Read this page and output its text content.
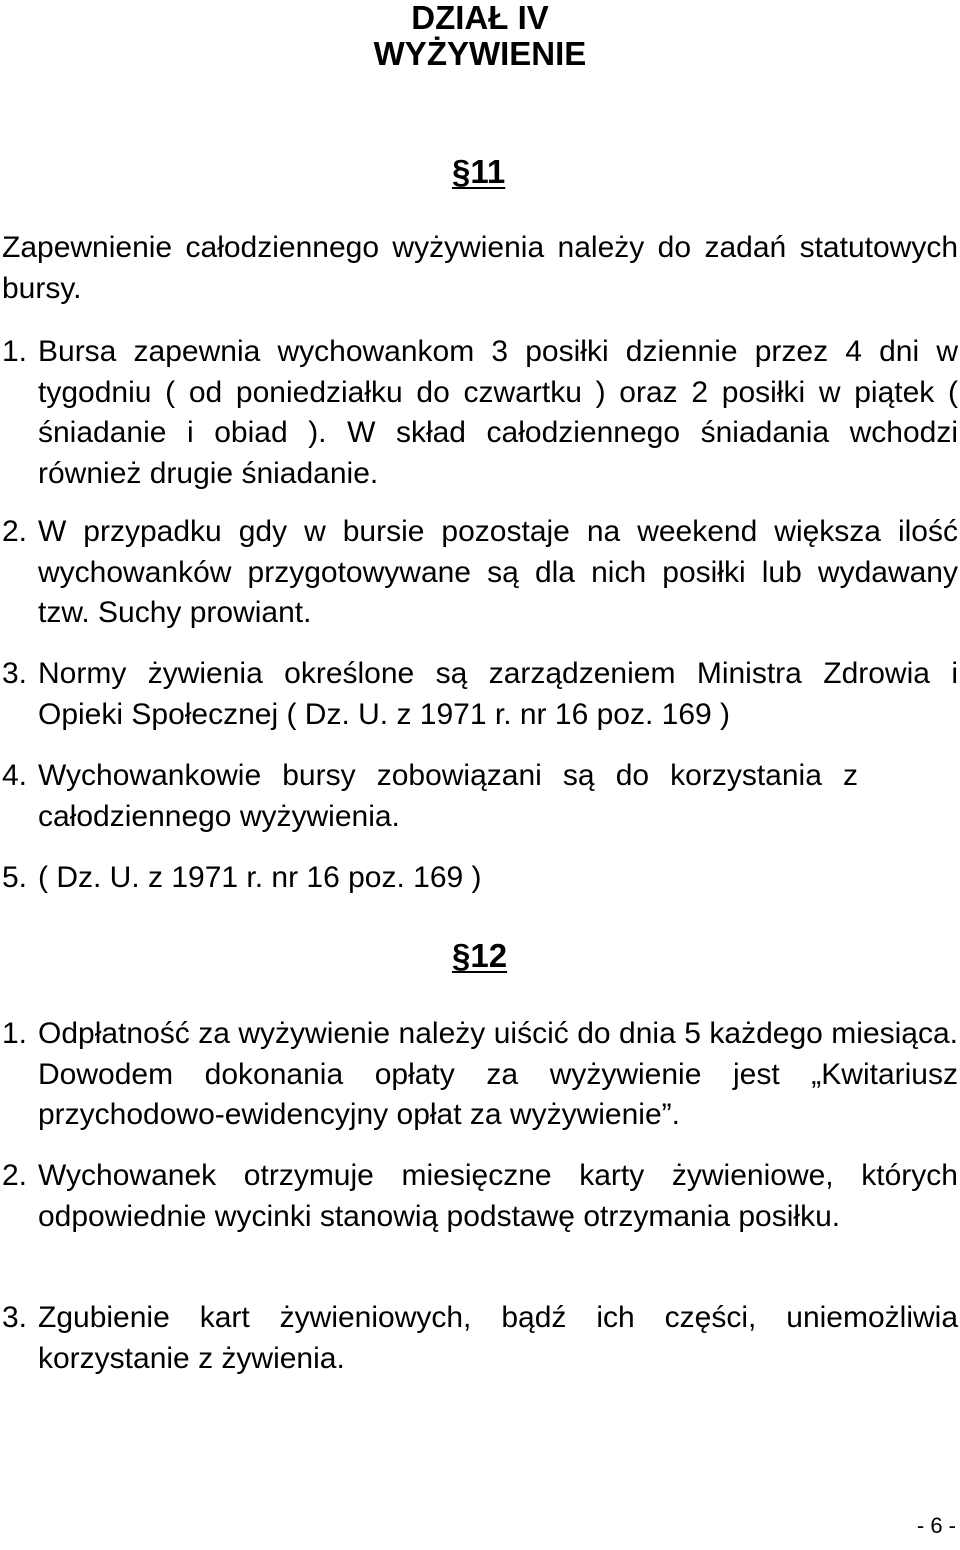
DZIAŁ IV
WYŻYWIENIE
§11

Zapewnienie całodziennego wyżywienia należy do zadań statutowych bursy.

1. Bursa zapewnia wychowankom 3 posiłki dziennie przez 4 dni w tygodniu ( od poniedziałku do czwartku ) oraz 2 posiłki w piątek ( śniadanie i obiad ). W skład całodziennego śniadania wchodzi również drugie śniadanie.
2. W przypadku gdy w bursie pozostaje na weekend większa ilość wychowanków przygotowywane są dla nich posiłki lub wydawany tzw. Suchy prowiant.
3. Normy żywienia określone są zarządzeniem Ministra Zdrowia i Opieki Społecznej ( Dz. U. z 1971 r. nr 16 poz. 169 )
4. Wychowankowie bursy zobowiązani są do korzystania z całodziennego wyżywienia.
5. ( Dz. U. z 1971 r. nr 16 poz. 169 )
§12
1. Odpłatność za wyżywienie należy uiścić do dnia 5 każdego miesiąca. Dowodem dokonania opłaty za wyżywienie jest „Kwitariusz przychodowo-ewidencyjny opłat za wyżywienie”.
2. Wychowanek otrzymuje miesięczne karty żywieniowe, których odpowiednie wycinki stanowią podstawę otrzymania posiłku.
3. Zgubienie kart żywieniowych, bądź ich części, uniemożliwia korzystanie z żywienia.
- 6 -
